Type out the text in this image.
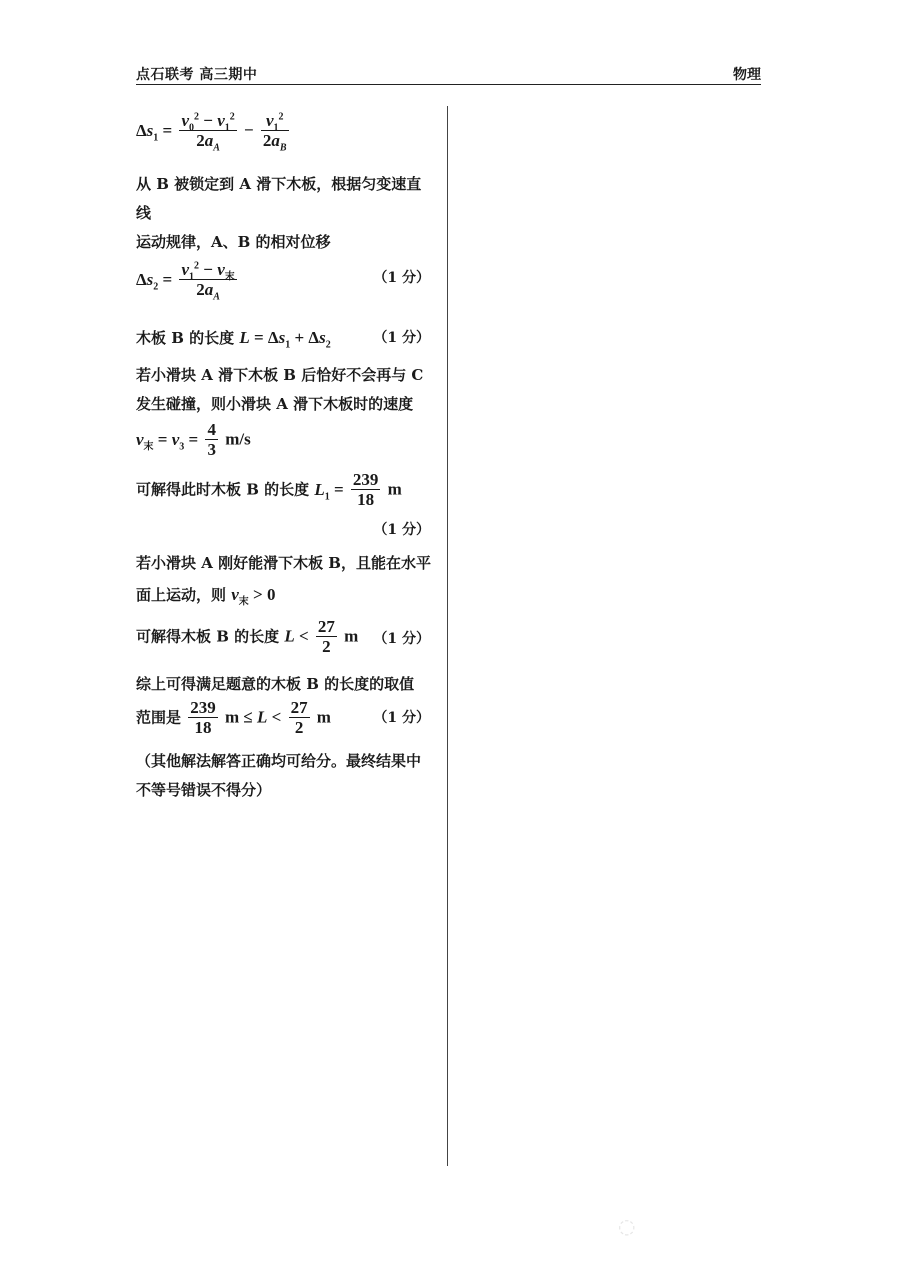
点石联考 高三期中	物理
$\Delta s_1 = \frac{v_0^2 - v_1^2}{2a_A} - \frac{v_1^2}{2a_B}$
从 B 被锁定到 A 滑下木板，根据匀变速直线
运动规律，A、B 的相对位移
$\Delta s_2 = \frac{v_1^2 - v_末}{2a_A}$	（1 分）
木板 B 的长度 $L = \Delta s_1 + \Delta s_2$	（1 分）
若小滑块 A 滑下木板 B 后恰好不会再与 C
发生碰撞，则小滑块 A 滑下木板时的速度
$v_末 = v_3 = \frac{4}{3} m/s$
可解得此时木板 B 的长度 $L_1 = \frac{239}{18}$ m
（1 分）
若小滑块 A 刚好能滑下木板 B，且能在水平
面上运动，则 $v_末 > 0$
可解得木板 B 的长度 $L < \frac{27}{2}$ m （1 分）
综上可得满足题意的木板 B 的长度的取值
范围是 $\frac{239}{18}$ $m \le L < \frac{27}{2}$ m	（1 分）
（其他解法解答正确均可给分。最终结果中
不等号错误不得分）
◌
